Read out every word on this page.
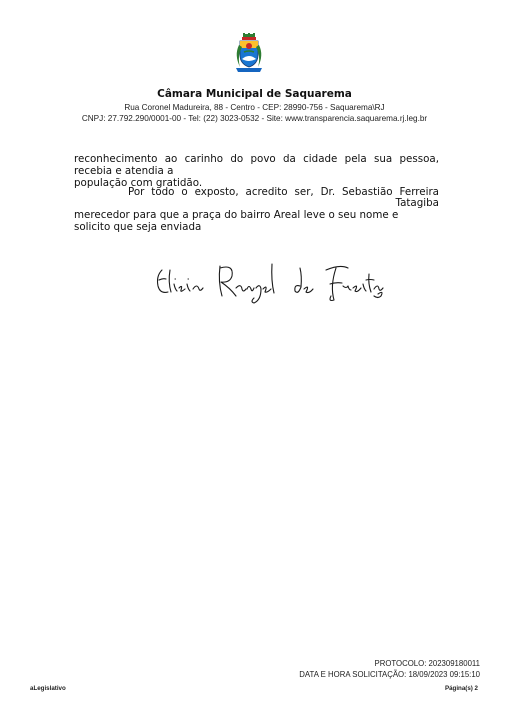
Câmara Municipal de Saquarema
Rua Coronel Madureira, 88 - Centro - CEP: 28990-756 - Saquarema\RJ
CNPJ: 27.792.290/0001-00 - Tel: (22) 3023-0532 - Site: www.transparencia.saquarema.rj.leg.br
reconhecimento ao carinho do povo da cidade pela sua pessoa,
recebia e atendia a
população com gratidão.
Por todo o exposto, acredito ser, Dr. Sebastião Ferreira
Tatagiba
merecedor para que a praça do bairro Areal leve o seu nome e
solicito que seja enviada
PROTOCOLO: 202309180011
DATA E HORA SOLICITAÇÃO: 18/09/2023 09:15:10
aLegislativo	Página(s) 2
